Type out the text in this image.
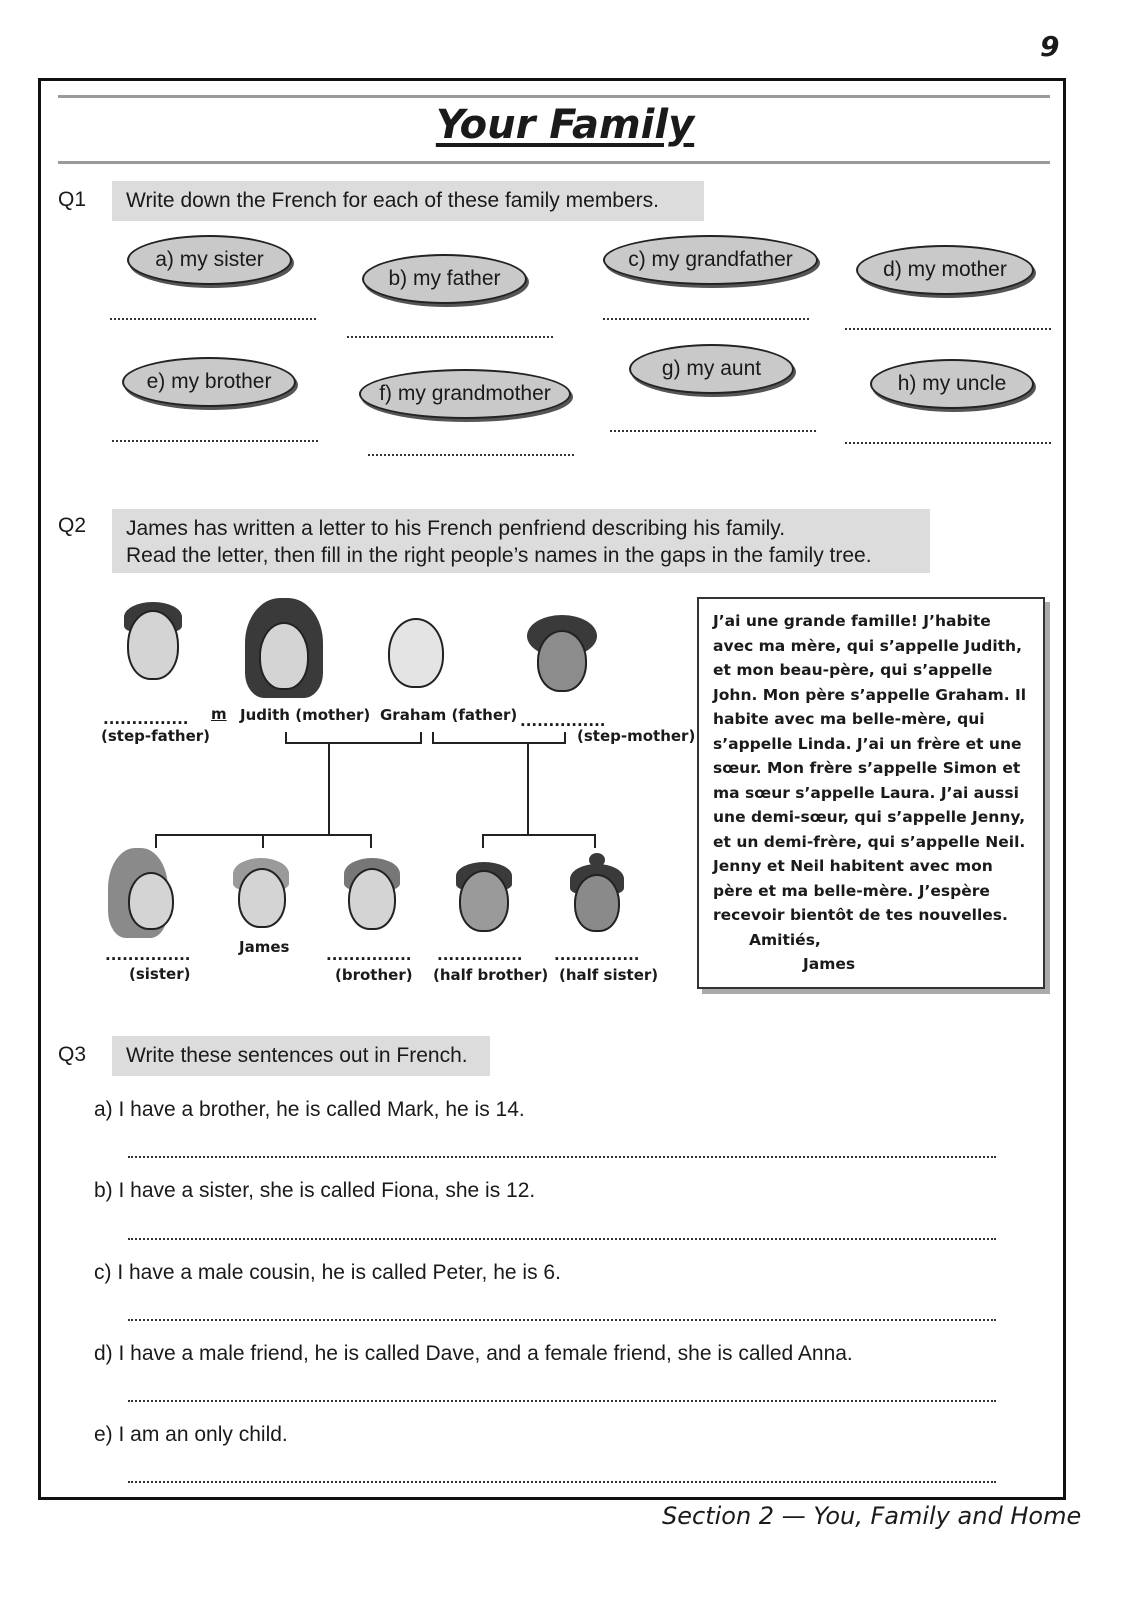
9
Your Family
Q1	Write down the French for each of these family members.
a) my sister
b) my father
c) my grandfather	d) my mother
e) my brother
f) my grandmother
g) my aunt
h) my uncle
Q2 James has written a letter to his French penfriend describing his family.
Read the letter, then fill in the right people’s names in the gaps in the family tree.
............... m
(step-father)
Judith (mother) Graham (father) ...............
(step-mother)
...............
(sister)
James ...............
(brother)
...............
(half brother)
...............
(half sister)
J’ai une grande famille! J’habite avec ma mère, qui s’appelle Judith, et mon beau-père, qui s’appelle John. Mon père s’appelle Graham. Il habite avec ma belle-mère, qui s’appelle Linda. J’ai un frère et une sœur. Mon frère s’appelle Simon et ma sœur s’appelle Laura. J’ai aussi une demi-sœur, qui s’appelle Jenny, et un demi-frère, qui s’appelle Neil. Jenny et Neil habitent avec mon père et ma belle-mère. J’espère recevoir bientôt de tes nouvelles.
Amitiés,
James
Q3	Write these sentences out in French.
a) I have a brother, he is called Mark, he is 14.
b) I have a sister, she is called Fiona, she is 12.
c) I have a male cousin, he is called Peter, he is 6.
d) I have a male friend, he is called Dave, and a female friend, she is called Anna.
e) I am an only child.
Section 2 — You, Family and Home
